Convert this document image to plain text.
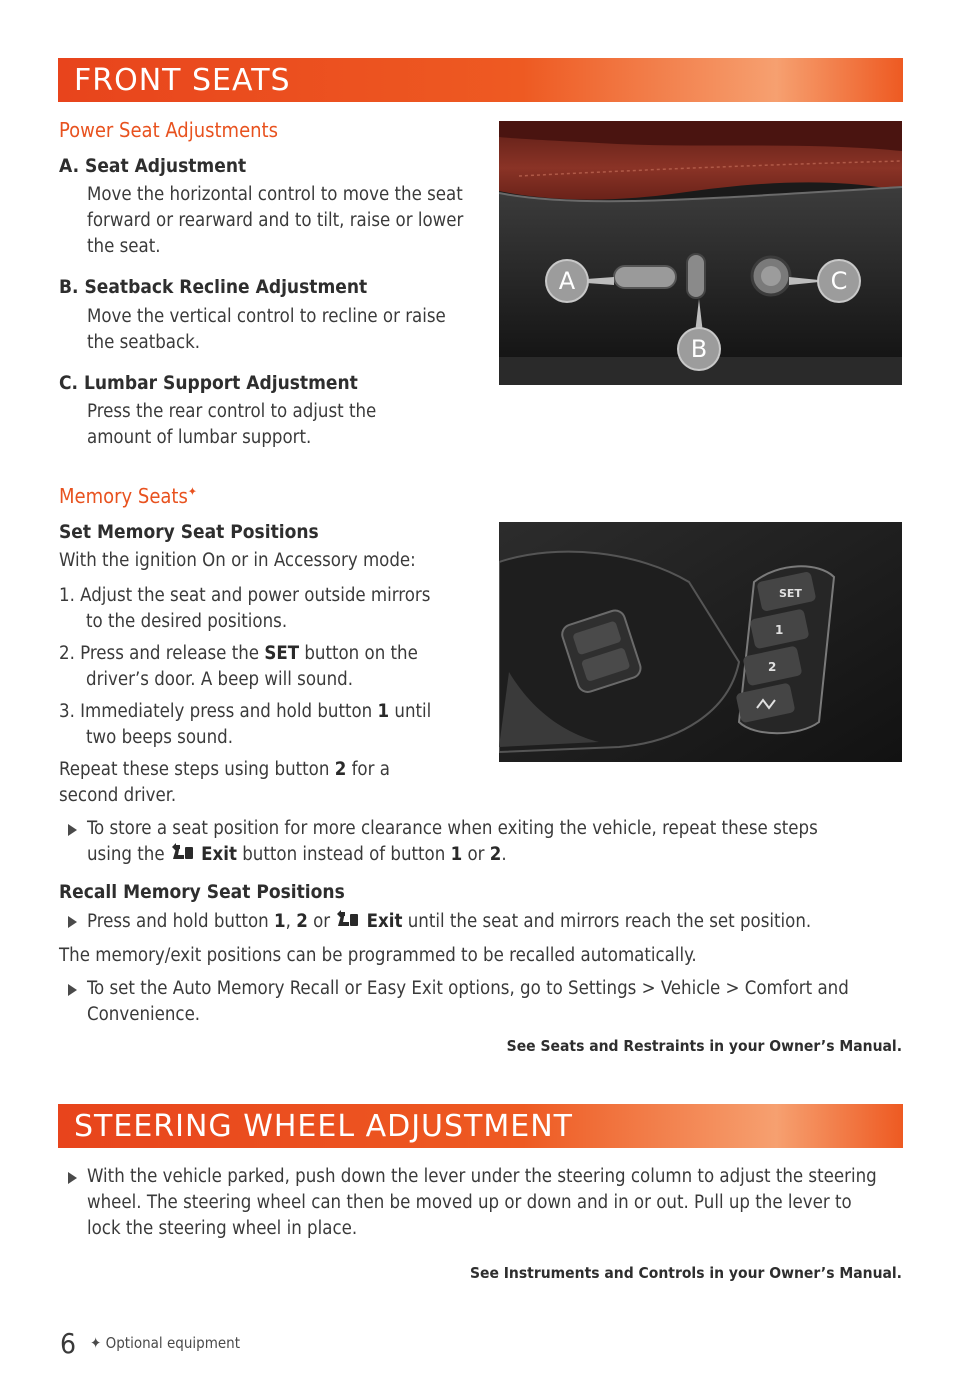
FRONT SEATS
Power Seat Adjustments
A. Seat Adjustment
Move the horizontal control to move the seat forward or rearward and to tilt, raise or lower the seat.
B. Seatback Recline Adjustment
Move the vertical control to recline or raise the seatback.
C. Lumbar Support Adjustment
Press the rear control to adjust the amount of lumbar support.
A
B
C
Memory Seats✦
Set Memory Seat Positions
With the ignition On or in Accessory mode:
1. Adjust the seat and power outside mirrors to the desired positions.
2. Press and release the SET button on the driver’s door. A beep will sound.
3. Immediately press and hold button 1 until two beeps sound.
Repeat these steps using button 2 for a second driver.
SET
1
2
To store a seat position for more clearance when exiting the vehicle, repeat these steps
using the Exit button instead of button 1 or 2.
Recall Memory Seat Positions
Press and hold button 1, 2 or  Exit until the seat and mirrors reach the set position.
The memory/exit positions can be programmed to be recalled automatically.
To set the Auto Memory Recall or Easy Exit options, go to Settings > Vehicle > Comfort and Convenience.
See Seats and Restraints in your Owner’s Manual.
STEERING WHEEL ADJUSTMENT
With the vehicle parked, push down the lever under the steering column to adjust the steering wheel. The steering wheel can then be moved up or down and in or out. Pull up the lever to lock the steering wheel in place.
See Instruments and Controls in your Owner’s Manual.
6 ✦ Optional equipment
